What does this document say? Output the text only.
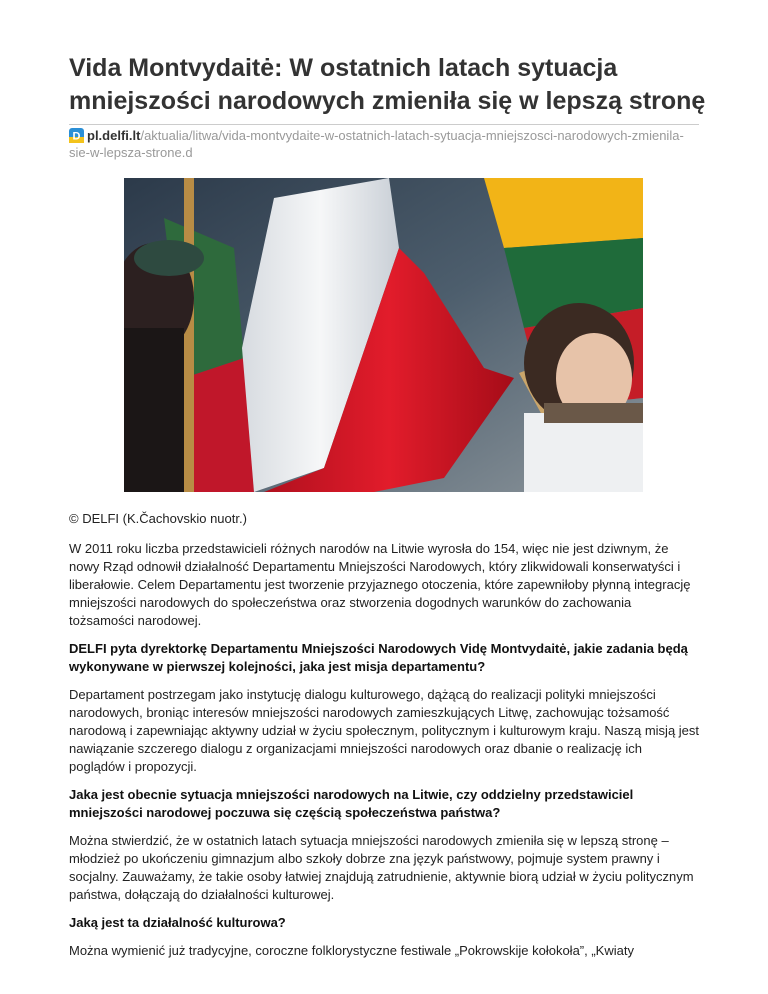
Vida Montvydaitė: W ostatnich latach sytuacja mniejszości narodowych zmieniła się w lepszą stronę
D pl.delfi.lt/aktualia/litwa/vida-montvydaite-w-ostatnich-latach-sytuacja-mniejszosci-narodowych-zmienila-sie-w-lepsza-strone.d
© DELFI (K.Čachovskio nuotr.)

W 2011 roku liczba przedstawicieli różnych narodów na Litwie wyrosła do 154, więc nie jest dziwnym, że nowy Rząd odnowił działalność Departamentu Mniejszości Narodowych, który zlikwidowali konserwatyści i liberałowie. Celem Departamentu jest tworzenie przyjaznego otoczenia, które zapewniłoby płynną integrację mniejszości narodowych do społeczeństwa oraz stworzenia dogodnych warunków do zachowania tożsamości narodowej.

DELFI pyta dyrektorkę Departamentu Mniejszości Narodowych Vidę Montvydaitė, jakie zadania będą wykonywane w pierwszej kolejności, jaka jest misja departamentu?

Departament postrzegam jako instytucję dialogu kulturowego, dążącą do realizacji polityki mniejszości narodowych, broniąc interesów mniejszości narodowych zamieszkujących Litwę, zachowując tożsamość narodową i zapewniając aktywny udział w życiu społecznym, politycznym i kulturowym kraju. Naszą misją jest nawiązanie szczerego dialogu z organizacjami mniejszości narodowych oraz dbanie o realizację ich poglądów i propozycji.

Jaka jest obecnie sytuacja mniejszości narodowych na Litwie, czy oddzielny przedstawiciel mniejszości narodowej poczuwa się częścią społeczeństwa państwa?

Można stwierdzić, że w ostatnich latach sytuacja mniejszości narodowych zmieniła się w lepszą stronę – młodzież po ukończeniu gimnazjum albo szkoły dobrze zna język państwowy, pojmuje system prawny i socjalny. Zauważamy, że takie osoby łatwiej znajdują zatrudnienie, aktywnie biorą udział w życiu politycznym państwa, dołączają do działalności kulturowej.

Jaką jest ta działalność kulturowa?

Można wymienić już tradycyjne, coroczne folklorystyczne festiwale „Pokrowskije kołokoła”, „Kwiaty
